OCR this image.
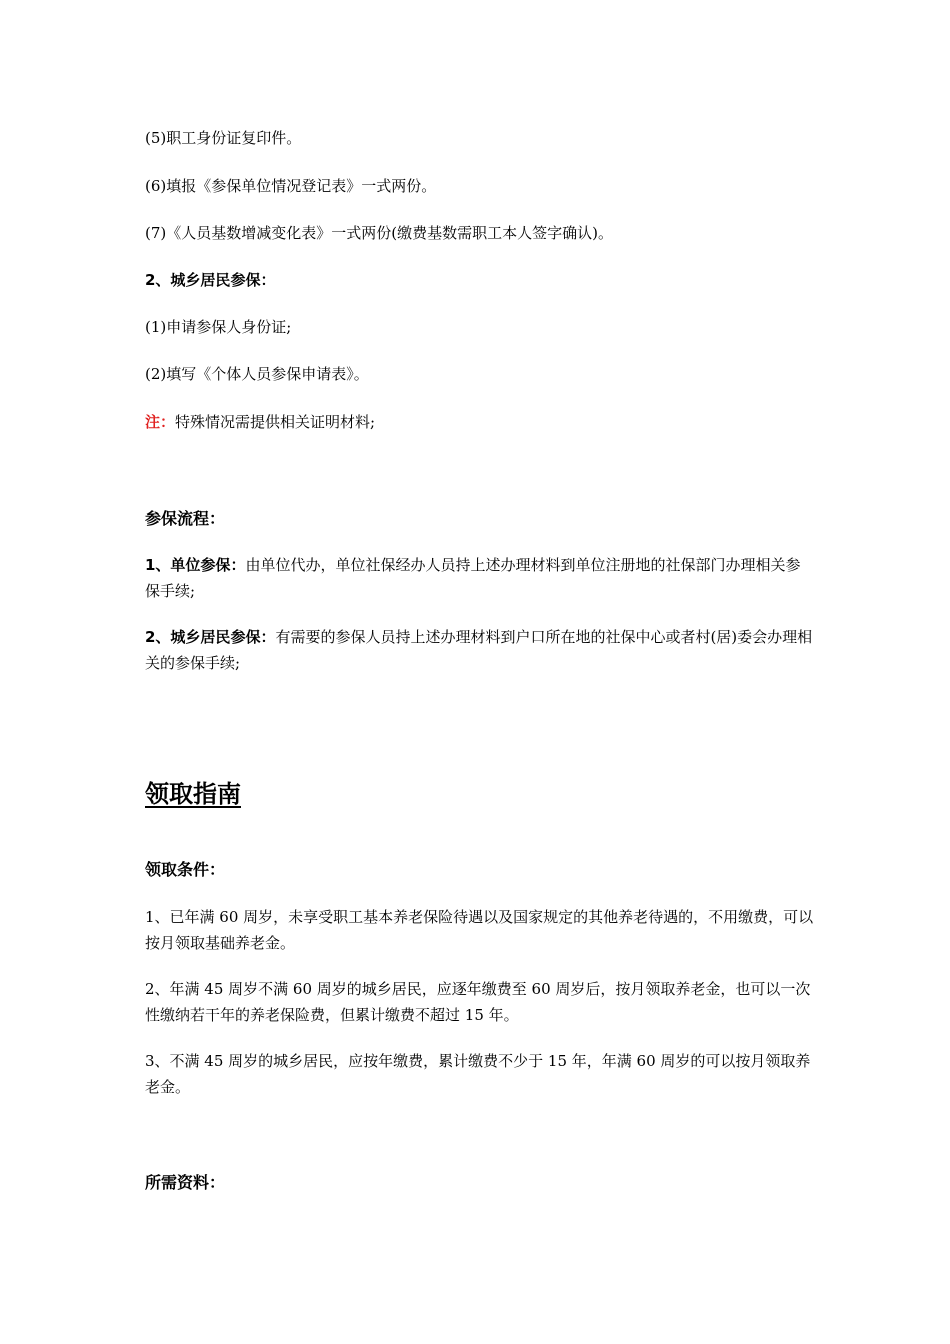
(5)职工身份证复印件。

(6)填报《参保单位情况登记表》一式两份。

(7)《人员基数增减变化表》一式两份(缴费基数需职工本人签字确认)。

2、城乡居民参保：

(1)申请参保人身份证;

(2)填写《个体人员参保申请表》。

注：特殊情况需提供相关证明材料;

参保流程：

1、单位参保：由单位代办，单位社保经办人员持上述办理材料到单位注册地的社保部门办理相关参保手续;

2、城乡居民参保：有需要的参保人员持上述办理材料到户口所在地的社保中心或者村(居)委会办理相关的参保手续;

领取指南

领取条件：

1、已年满 60 周岁，未享受职工基本养老保险待遇以及国家规定的其他养老待遇的，不用缴费，可以按月领取基础养老金。

2、年满 45 周岁不满 60 周岁的城乡居民，应逐年缴费至 60 周岁后，按月领取养老金，也可以一次性缴纳若干年的养老保险费，但累计缴费不超过 15 年。

3、不满 45 周岁的城乡居民，应按年缴费，累计缴费不少于 15 年，年满 60 周岁的可以按月领取养老金。

所需资料：
